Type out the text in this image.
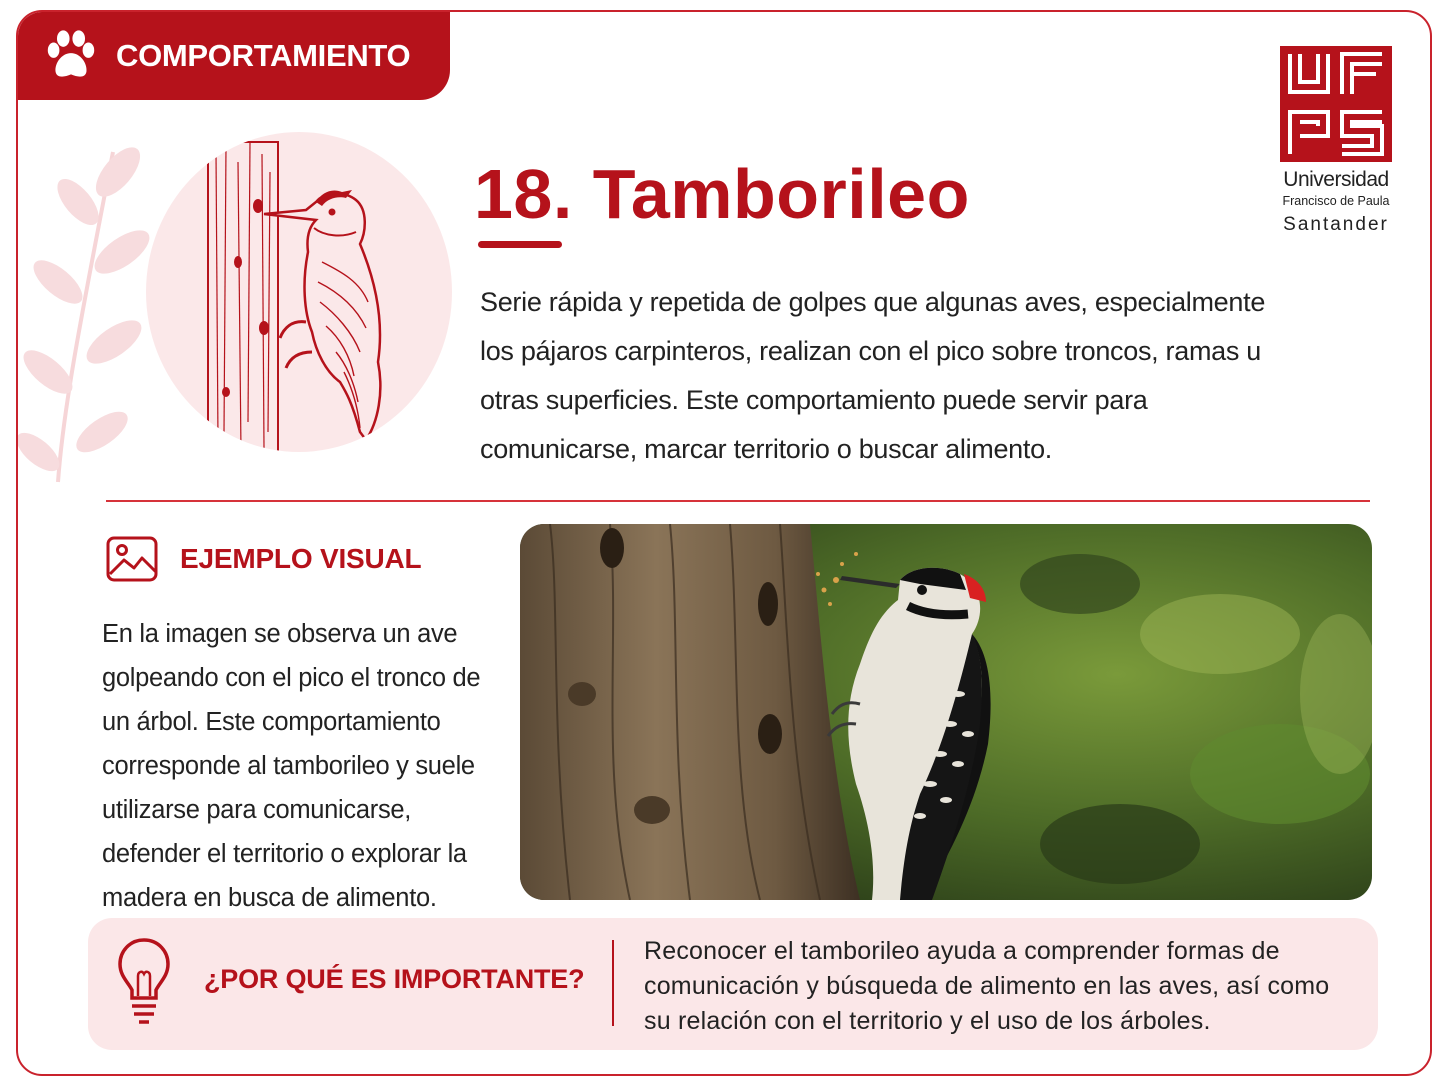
COMPORTAMIENTO
18. Tamborileo
Serie rápida y repetida de golpes que algunas aves, especialmente los pájaros carpinteros, realizan con el pico sobre troncos, ramas u otras superficies. Este comportamiento puede servir para comunicarse, marcar territorio o buscar alimento.
Universidad
Francisco de Paula
Santander
EJEMPLO VISUAL
En la imagen se observa un ave golpeando con el pico el tronco de un árbol. Este comportamiento corresponde al tamborileo y suele utilizarse para comunicarse, defender el territorio o explorar la madera en busca de alimento.
¿POR QUÉ ES IMPORTANTE?
Reconocer el tamborileo ayuda a comprender formas de comunicación y búsqueda de alimento en las aves, así como su relación con el territorio y el uso de los árboles.
